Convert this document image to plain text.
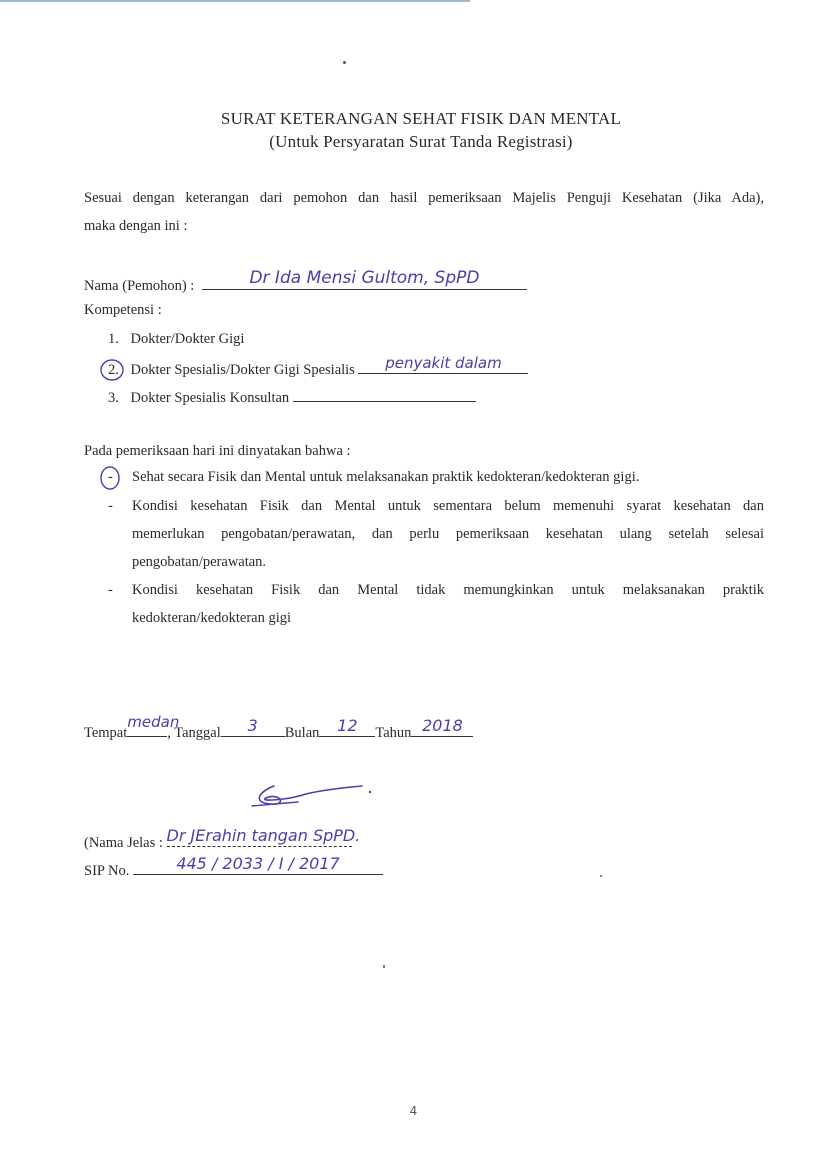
SURAT KETERANGAN SEHAT FISIK DAN MENTAL
(Untuk Persyaratan Surat Tanda Registrasi)
Sesuai dengan keterangan dari pemohon dan hasil pemeriksaan Majelis Penguji Kesehatan (Jika Ada),
maka dengan ini :
Nama (Pemohon) :	Dr Ida Mensi Gultom, SpPD
Kompetensi :
1. Dokter/Dokter Gigi
2. Dokter Spesialis/Dokter Gigi Spesialis	penyakit dalam
3. Dokter Spesialis Konsultan
Pada pemeriksaan hari ini dinyatakan bahwa :
- Sehat secara Fisik dan Mental untuk melaksanakan praktik kedokteran/kedokteran gigi.
- Kondisi kesehatan Fisik dan Mental untuk sementara belum memenuhi syarat kesehatan dan
memerlukan pengobatan/perawatan, dan perlu pemeriksaan kesehatan ulang setelah selesai
pengobatan/perawatan.
- Kondisi kesehatan Fisik dan Mental tidak memungkinkan untuk melaksanakan praktik
kedokteran/kedokteran gigi
Tempat
medan
, Tanggal	3	Bulan	12	Tahun 2018
(Nama Jelas : Dr JErahin tangan SpPD.
SIP No.	445 / 2033 / I / 2017
4
